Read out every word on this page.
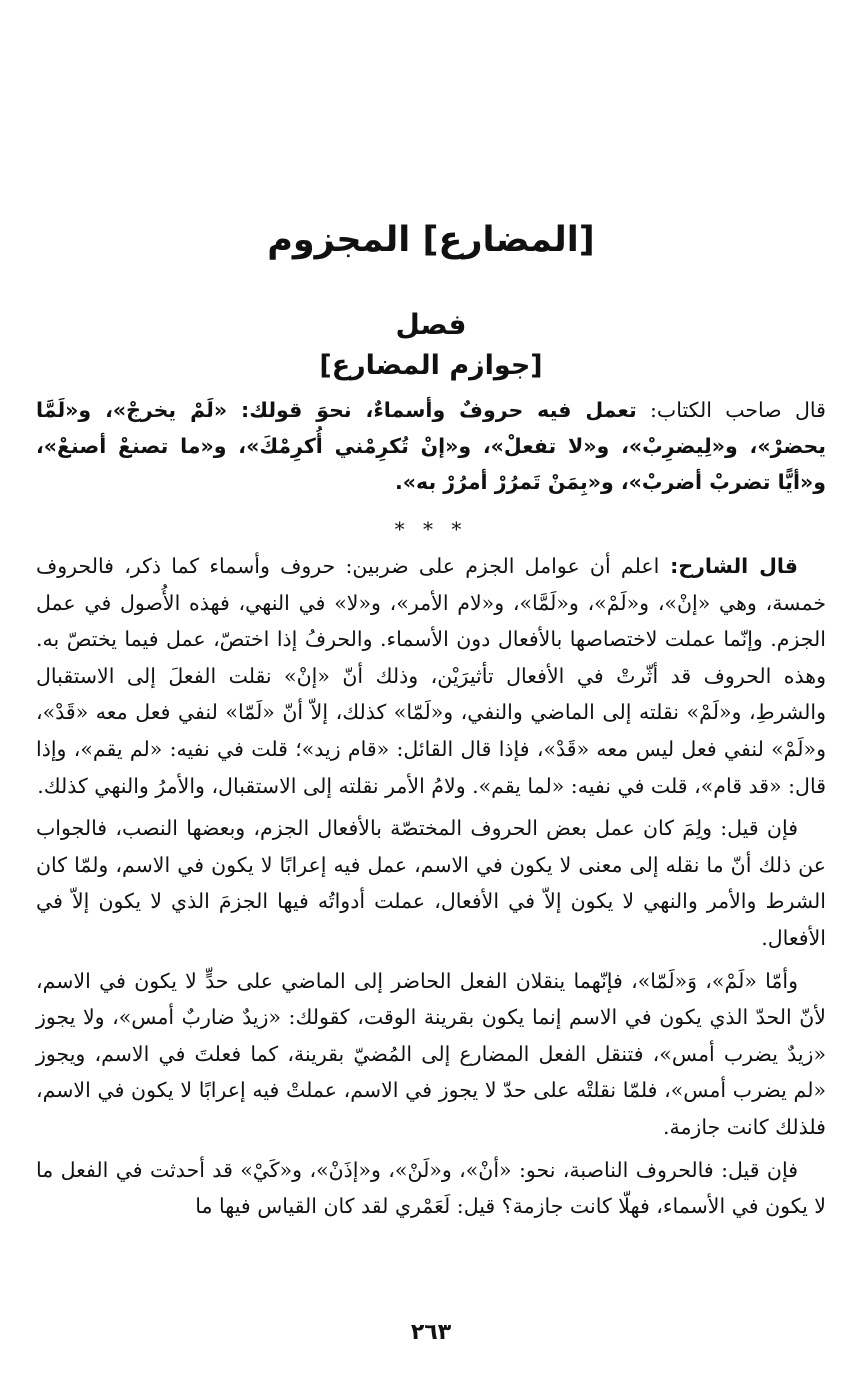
[المضارع] المجزوم
فصل
[جوازم المضارع]

قال صاحب الكتاب: تعمل فيه حروفٌ وأسماءٌ، نحوَ قولك: «لَمْ يخرجْ»، و«لَمَّا يحضرْ»، و«لِيضرِبْ»، و«لا تفعلْ»، و«إنْ تُكرِمْني أُكرِمْكَ»، و«ما تصنعْ أصنعْ»، و«أيًّا تضربْ أضربْ»، و«بِمَنْ تَمرُرْ أمرُرْ به».

* * *

قال الشارح: اعلم أن عوامل الجزم على ضربين: حروف وأسماء كما ذكر، فالحروف خمسة، وهي «إنْ»، و«لَمْ»، و«لَمَّا»، و«لام الأمر»، و«لا» في النهي، فهذه الأُصول في عمل الجزم. وإنّما عملت لاختصاصها بالأفعال دون الأسماء. والحرفُ إذا اختصّ، عمل فيما يختصّ به. وهذه الحروف قد أثّرتْ في الأفعال تأثيرَيْن، وذلك أنّ «إنْ» نقلت الفعلَ إلى الاستقبال والشرطِ، و«لَمْ» نقلته إلى الماضي والنفي، و«لَمّا» كذلك، إلاّ أنّ «لَمّا» لنفي فعل معه «قَدْ»، و«لَمْ» لنفي فعل ليس معه «قَدْ»، فإذا قال القائل: «قام زيد»؛ قلت في نفيه: «لم يقم»، وإذا قال: «قد قام»، قلت في نفيه: «لما يقم». ولامُ الأمر نقلته إلى الاستقبال، والأمرُ والنهي كذلك.

فإن قيل: ولِمَ كان عمل بعض الحروف المختصّة بالأفعال الجزم، وبعضها النصب، فالجواب عن ذلك أنّ ما نقله إلى معنى لا يكون في الاسم، عمل فيه إعرابًا لا يكون في الاسم، ولمّا كان الشرط والأمر والنهي لا يكون إلاّ في الأفعال، عملت أدواتُه فيها الجزمَ الذي لا يكون إلاّ في الأفعال.

وأمّا «لَمْ»، وَ«لَمّا»، فإنّهما ينقلان الفعل الحاضر إلى الماضي على حدٍّ لا يكون في الاسم، لأنّ الحدّ الذي يكون في الاسم إنما يكون بقرينة الوقت، كقولك: «زيدٌ ضاربٌ أمس»، ولا يجوز «زيدٌ يضرب أمس»، فتنقل الفعل المضارع إلى المُضيّ بقرينة، كما فعلتَ في الاسم، ويجوز «لم يضرب أمس»، فلمّا نقلتْه على حدّ لا يجوز في الاسم، عملتْ فيه إعرابًا لا يكون في الاسم، فلذلك كانت جازمة.

فإن قيل: فالحروف الناصبة، نحو: «أنْ»، و«لَنْ»، و«إذَنْ»، و«كَيْ» قد أحدثت في الفعل ما لا يكون في الأسماء، فهلّا كانت جازمة؟ قيل: لَعَمْري لقد كان القياس فيها ما

٢٦٣
